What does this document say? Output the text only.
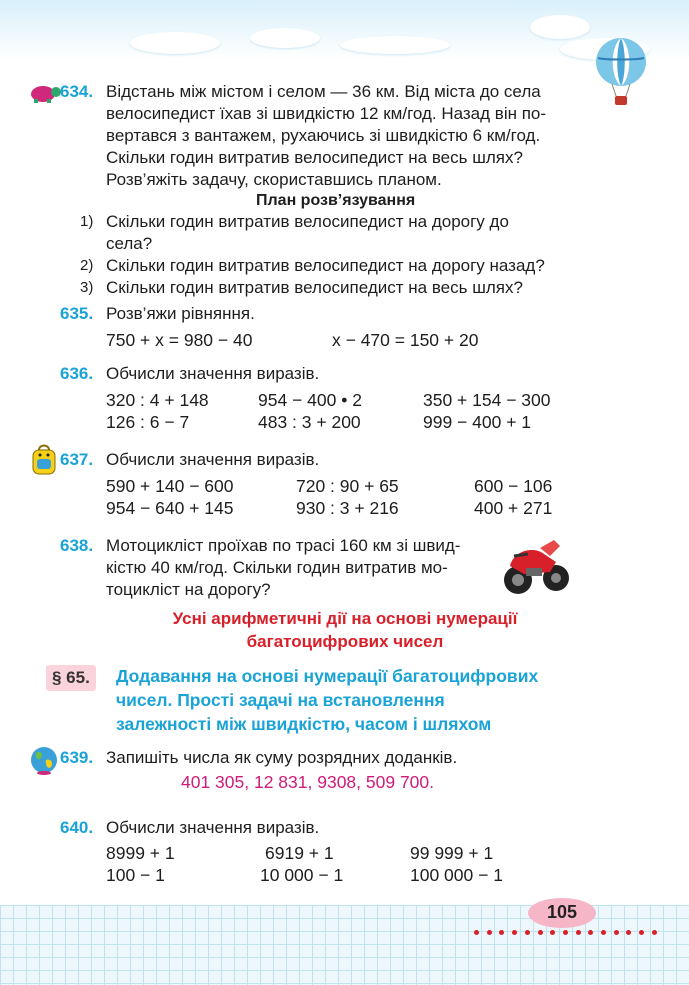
634. Відстань між містом і селом — 36 км. Від міста до села
велосипедист їхав зі швидкістю 12 км/год. Назад він по-
вертався з вантажем, рухаючись зі швидкістю 6 км/год.
Скільки годин витратив велосипедист на весь шлях?
Розв’яжіть задачу, скориставшись планом.
План розв’язування
1) Скільки годин витратив велосипедист на дорогу до
села?
2) Скільки годин витратив велосипедист на дорогу назад?
3) Скільки годин витратив велосипедист на весь шлях?
635. Розв’яжи рівняння.
750 + x = 980 − 40	x − 470 = 150 + 20
636. Обчисли значення виразів.
320 : 4 + 148	954 − 400 • 2	350 + 154 − 300
126 : 6 − 7	483 : 3 + 200	999 − 400 + 1
637. Обчисли значення виразів.
590 + 140 − 600	720 : 90 + 65	600 − 106
954 − 640 + 145	930 : 3 + 216	400 + 271
638. Мотоцикліст проїхав по трасі 160 км зі швид-
кістю 40 км/год. Скільки годин витратив мо-
тоцикліст на дорогу?
Усні арифметичні дії на основі нумерації
багатоцифрових чисел
§ 65.	Додавання на основі нумерації багатоцифрових
чисел. Прості задачі на встановлення
залежності між швидкістю, часом і шляхом
639. Запишіть числа як суму розрядних доданків.
401 305, 12 831, 9308, 509 700.
640. Обчисли значення виразів.
8999 + 1	6919 + 1	99 999 + 1
100 − 1	10 000 − 1	100 000 − 1
105
